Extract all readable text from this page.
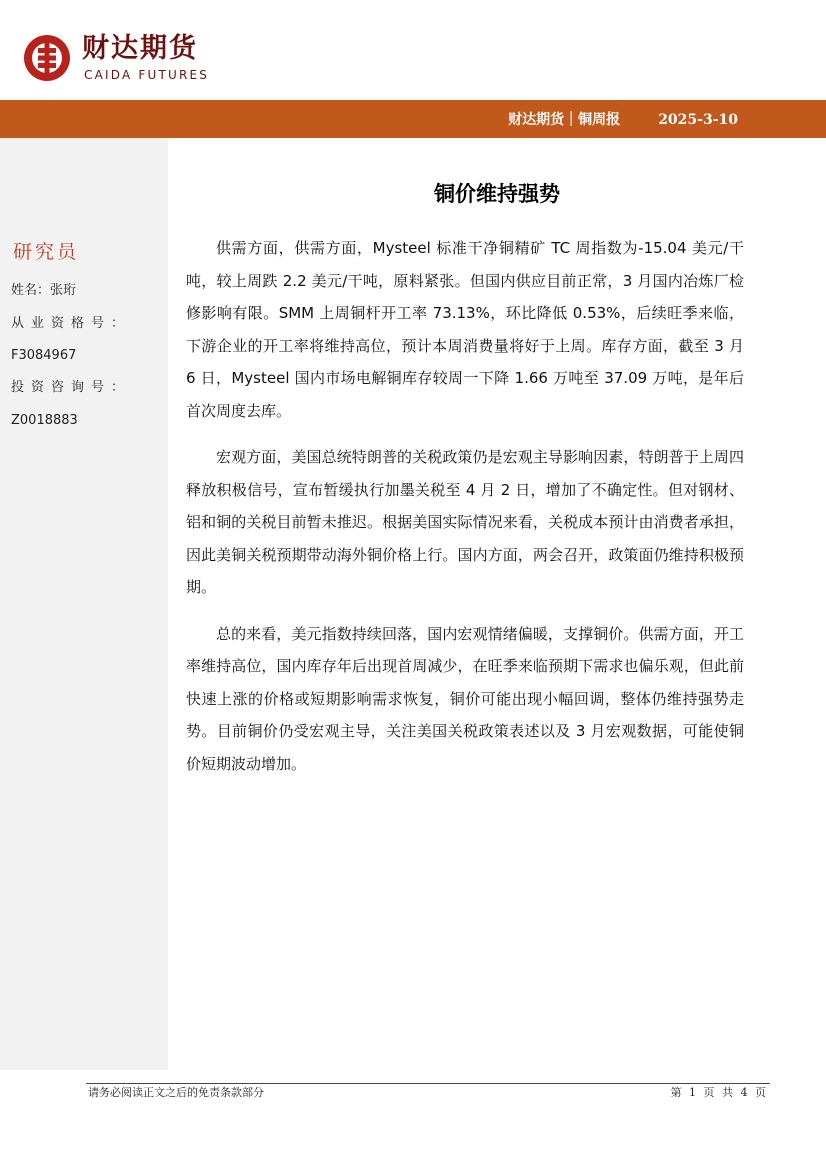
财达期货
CAIDA FUTURES
财达期货｜铜周报	2025-3-10
研究员
姓名：张珩
从业资格号：
F3084967
投资咨询号：
Z0018883
铜价维持强势

供需方面，供需方面，Mysteel 标准干净铜精矿 TC 周指数为-15.04 美元/干吨，较上周跌 2.2 美元/干吨，原料紧张。但国内供应目前正常，3 月国内冶炼厂检修影响有限。SMM 上周铜杆开工率 73.13%，环比降低 0.53%，后续旺季来临，下游企业的开工率将维持高位，预计本周消费量将好于上周。库存方面，截至 3 月 6 日，Mysteel 国内市场电解铜库存较周一下降 1.66 万吨至 37.09 万吨，是年后首次周度去库。

宏观方面，美国总统特朗普的关税政策仍是宏观主导影响因素，特朗普于上周四释放积极信号，宣布暂缓执行加墨关税至 4 月 2 日，增加了不确定性。但对钢材、铝和铜的关税目前暂未推迟。根据美国实际情况来看，关税成本预计由消费者承担，因此美铜关税预期带动海外铜价格上行。国内方面，两会召开，政策面仍维持积极预期。

总的来看，美元指数持续回落，国内宏观情绪偏暖，支撑铜价。供需方面，开工率维持高位，国内库存年后出现首周减少，在旺季来临预期下需求也偏乐观，但此前快速上涨的价格或短期影响需求恢复，铜价可能出现小幅回调，整体仍维持强势走势。目前铜价仍受宏观主导，关注美国关税政策表述以及 3 月宏观数据，可能使铜价短期波动增加。

请务必阅读正文之后的免责条款部分	第 1 页 共 4 页
